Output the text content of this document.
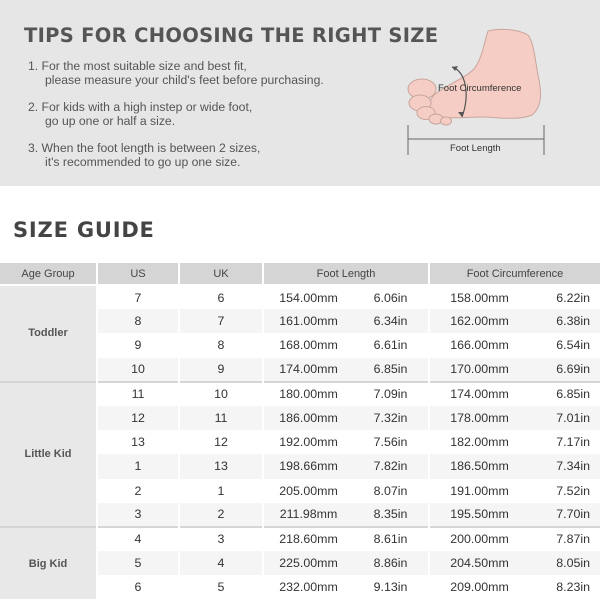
TIPS FOR CHOOSING THE RIGHT SIZE
1. For the most suitable size and best fit,
please measure your child's feet before purchasing.
2. For kids with a high instep or wide foot,
go up one or half a size.
3. When the foot length is between 2 sizes,
it's recommended to go up one size.
Foot Circumference
Foot Length
SIZE GUIDE
Age Group	US	UK	Foot Length		Foot Circumference	
Toddler	7	6	154.00mm	6.06in	158.00mm	6.22in
	8	7	161.00mm	6.34in	162.00mm	6.38in
	9	8	168.00mm	6.61in	166.00mm	6.54in
	10	9	174.00mm	6.85in	170.00mm	6.69in
Little Kid	11	10	180.00mm	7.09in	174.00mm	6.85in
	12	11	186.00mm	7.32in	178.00mm	7.01in
	13	12	192.00mm	7.56in	182.00mm	7.17in
	1	13	198.66mm	7.82in	186.50mm	7.34in
	2	1	205.00mm	8.07in	191.00mm	7.52in
	3	2	211.98mm	8.35in	195.50mm	7.70in
Big Kid	4	3	218.60mm	8.61in	200.00mm	7.87in
	5	4	225.00mm	8.86in	204.50mm	8.05in
	6	5	232.00mm	9.13in	209.00mm	8.23in
